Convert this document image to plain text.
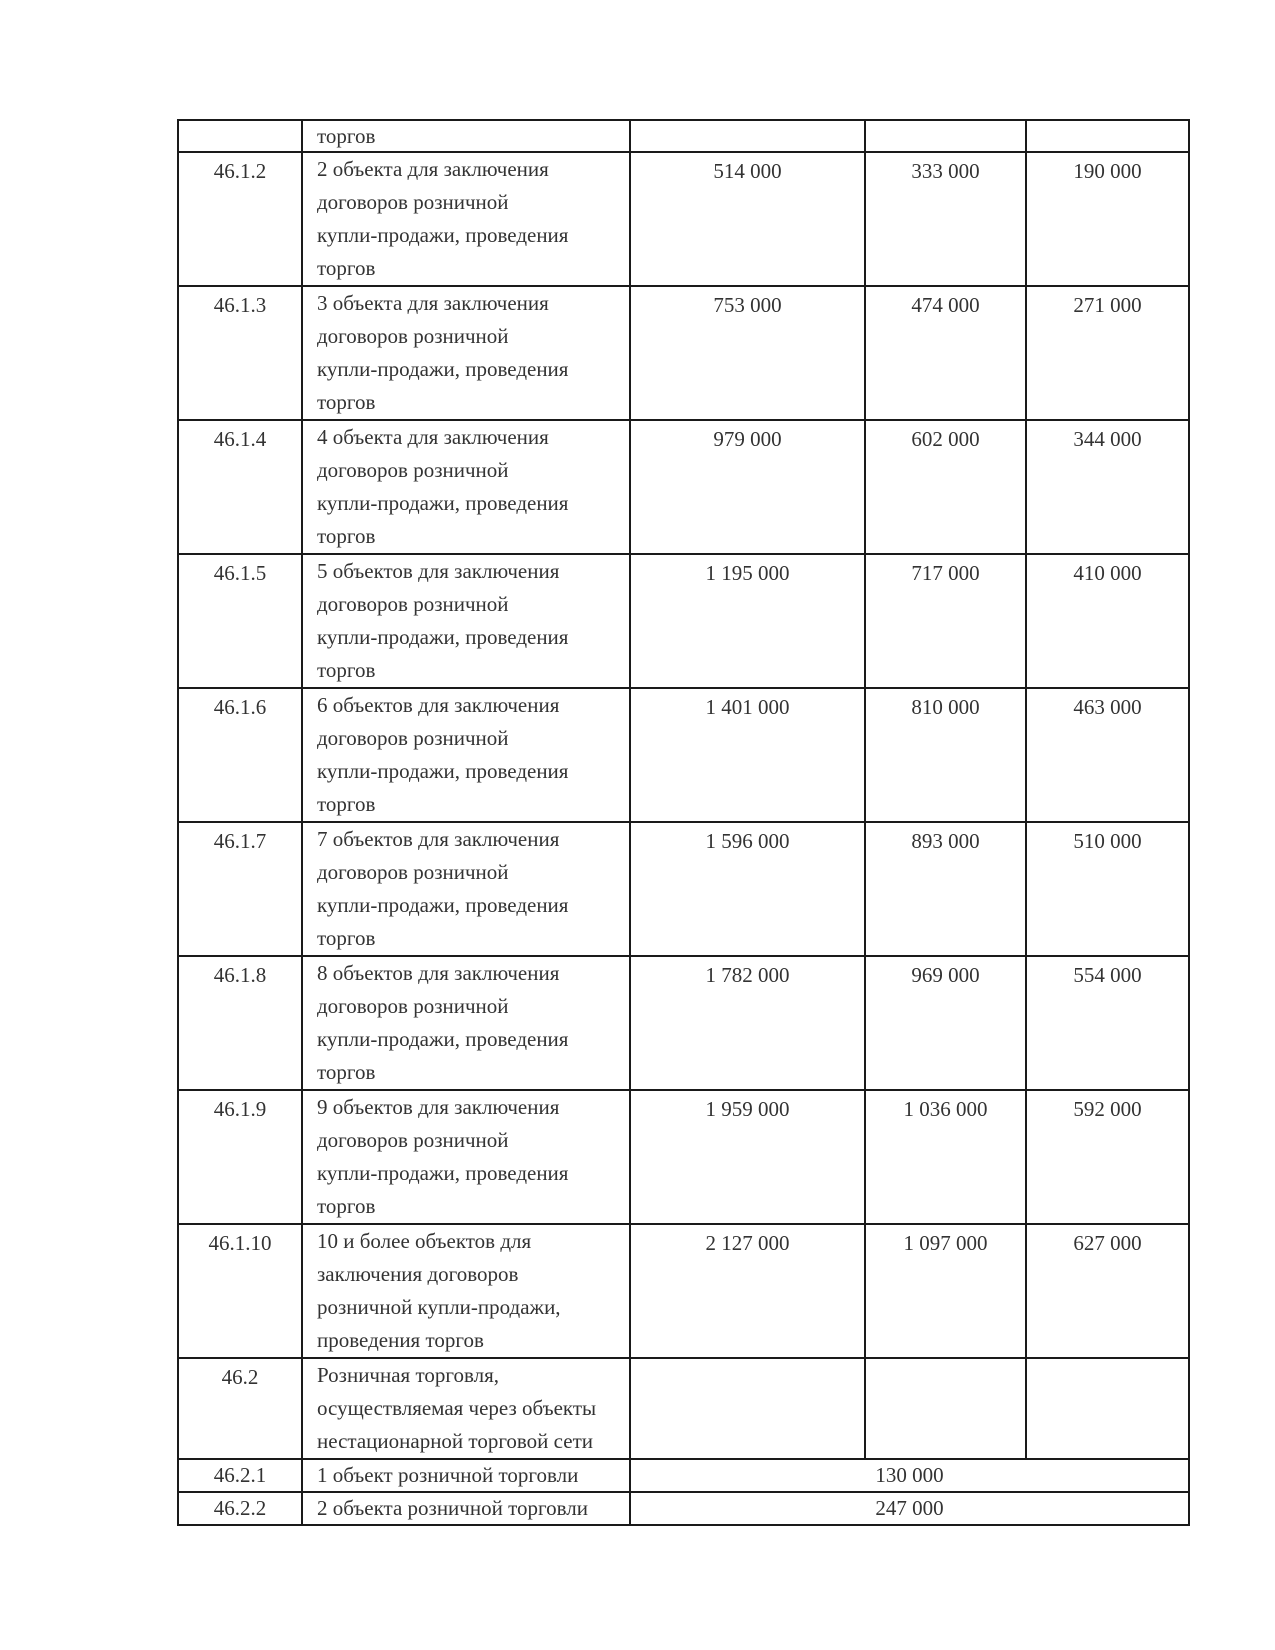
	торгов			

46.1.2	2 объекта для заключения
договоров розничной
купли-продажи, проведения
торгов	514 000	333 000	190 000

46.1.3	3 объекта для заключения
договоров розничной
купли-продажи, проведения
торгов	753 000	474 000	271 000

46.1.4	4 объекта для заключения
договоров розничной
купли-продажи, проведения
торгов	979 000	602 000	344 000

46.1.5	5 объектов для заключения
договоров розничной
купли-продажи, проведения
торгов	1 195 000	717 000	410 000

46.1.6	6 объектов для заключения
договоров розничной
купли-продажи, проведения
торгов	1 401 000	810 000	463 000

46.1.7	7 объектов для заключения
договоров розничной
купли-продажи, проведения
торгов	1 596 000	893 000	510 000

46.1.8	8 объектов для заключения
договоров розничной
купли-продажи, проведения
торгов	1 782 000	969 000	554 000

46.1.9	9 объектов для заключения
договоров розничной
купли-продажи, проведения
торгов	1 959 000	1 036 000	592 000

46.1.10	10 и более объектов для
заключения договоров
розничной купли-продажи,
проведения торгов	2 127 000	1 097 000	627 000

46.2	Розничная торговля,
осуществляемая через объекты
нестационарной торговой сети			

46.2.1	1 объект розничной торговли	130 000		
46.2.2	2 объекта розничной торговли	247 000		
